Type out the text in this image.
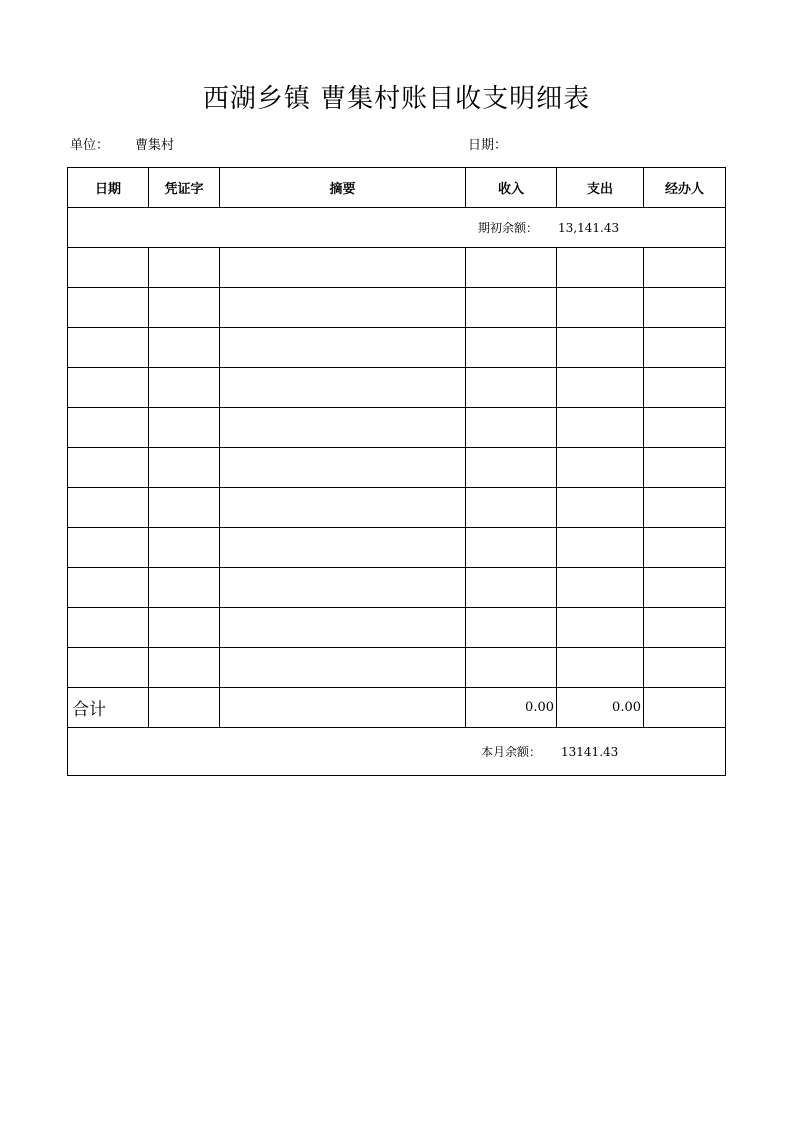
西湖乡镇 曹集村账目收支明细表
单位： 曹集村	日期：
日期	凭证字	摘要	收入	支出	经办人
期初余额： 13,141.43					

合计			0.00	0.00	
本月余额： 13141.43					
